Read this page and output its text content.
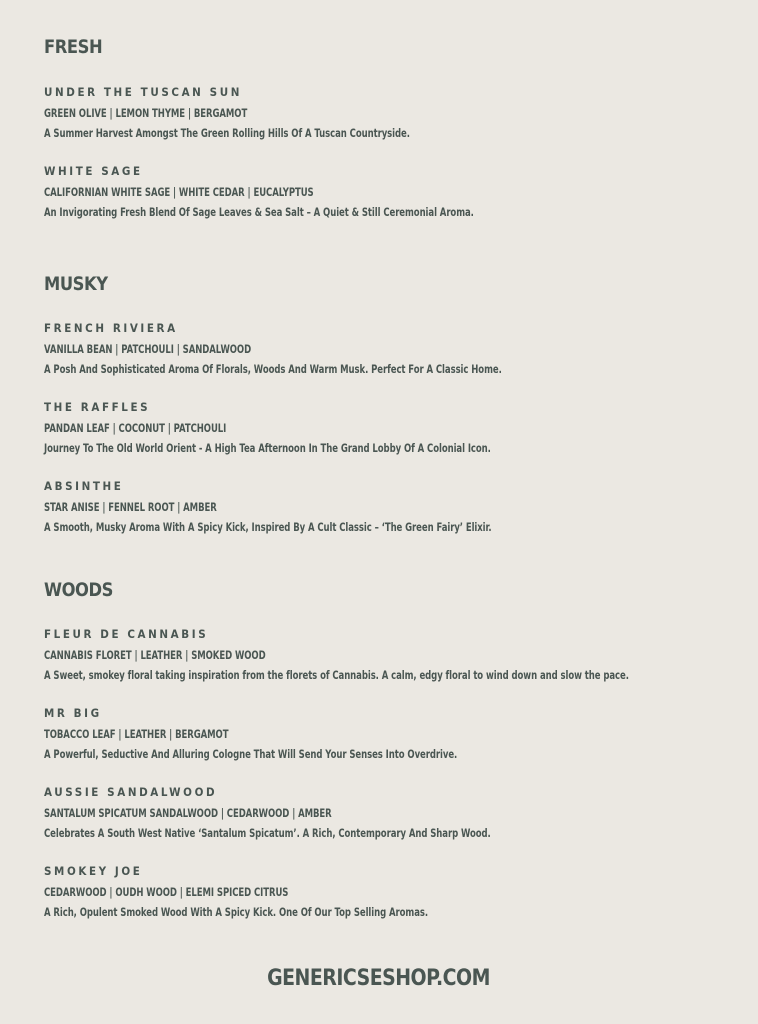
FRESH
UNDER THE TUSCAN SUN
GREEN OLIVE | LEMON THYME | BERGAMOT
A Summer Harvest Amongst The Green Rolling Hills Of A Tuscan Countryside.
WHITE SAGE
CALIFORNIAN WHITE SAGE | WHITE CEDAR | EUCALYPTUS
An Invigorating Fresh Blend Of Sage Leaves & Sea Salt – A Quiet & Still Ceremonial Aroma.
MUSKY
FRENCH RIVIERA
VANILLA BEAN | PATCHOULI | SANDALWOOD
A Posh And Sophisticated Aroma Of Florals, Woods And Warm Musk. Perfect For A Classic Home.
THE RAFFLES
PANDAN LEAF | COCONUT | PATCHOULI
Journey To The Old World Orient - A High Tea Afternoon In The Grand Lobby Of A Colonial Icon.
ABSINTHE
STAR ANISE | FENNEL ROOT | AMBER
A Smooth, Musky Aroma With A Spicy Kick, Inspired By A Cult Classic – ‘The Green Fairy’ Elixir.
WOODS
FLEUR DE CANNABIS
CANNABIS FLORET | LEATHER | SMOKED WOOD
A Sweet, smokey floral taking inspiration from the florets of Cannabis. A calm, edgy floral to wind down and slow the pace.
MR BIG
TOBACCO LEAF | LEATHER | BERGAMOT
A Powerful, Seductive And Alluring Cologne That Will Send Your Senses Into Overdrive.
AUSSIE SANDALWOOD
SANTALUM SPICATUM SANDALWOOD | CEDARWOOD | AMBER
Celebrates A South West Native ‘Santalum Spicatum’. A Rich, Contemporary And Sharp Wood.
SMOKEY JOE
CEDARWOOD | OUDH WOOD | ELEMI SPICED CITRUS
A Rich, Opulent Smoked Wood With A Spicy Kick. One Of Our Top Selling Aromas.
GENERICSESHOP.COM
